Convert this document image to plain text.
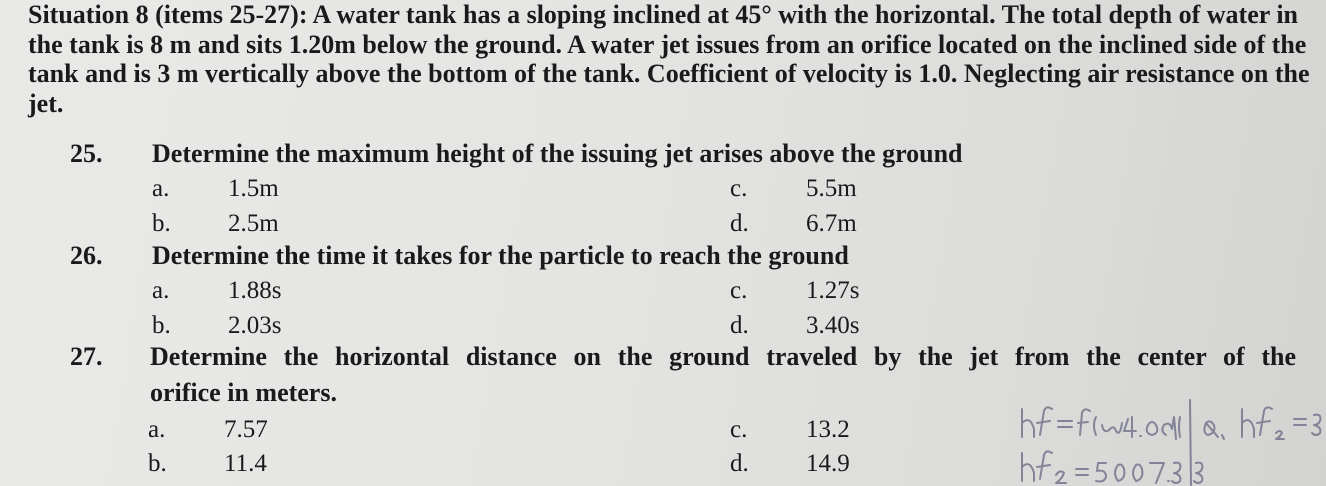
Situation 8 (items 25-27): A water tank has a sloping inclined at 45° with the horizontal. The total depth of water in the tank is 8 m and sits 1.20m below the ground. A water jet issues from an orifice located on the inclined side of the tank and is 3 m vertically above the bottom of the tank. Coefficient of velocity is 1.0. Neglecting air resistance on the jet.
25. Determine the maximum height of the issuing jet arises above the ground
a. 1.5m
b. 2.5m
c. 5.5m
d. 6.7m
26. Determine the time it takes for the particle to reach the ground
a. 1.88s
b. 2.03s
c. 1.27s
d. 3.40s
27. Determine the horizontal distance on the ground traveled by the jet from the center of the
orifice in meters.
a. 7.57
b. 11.4
c. 13.2
d. 14.9
